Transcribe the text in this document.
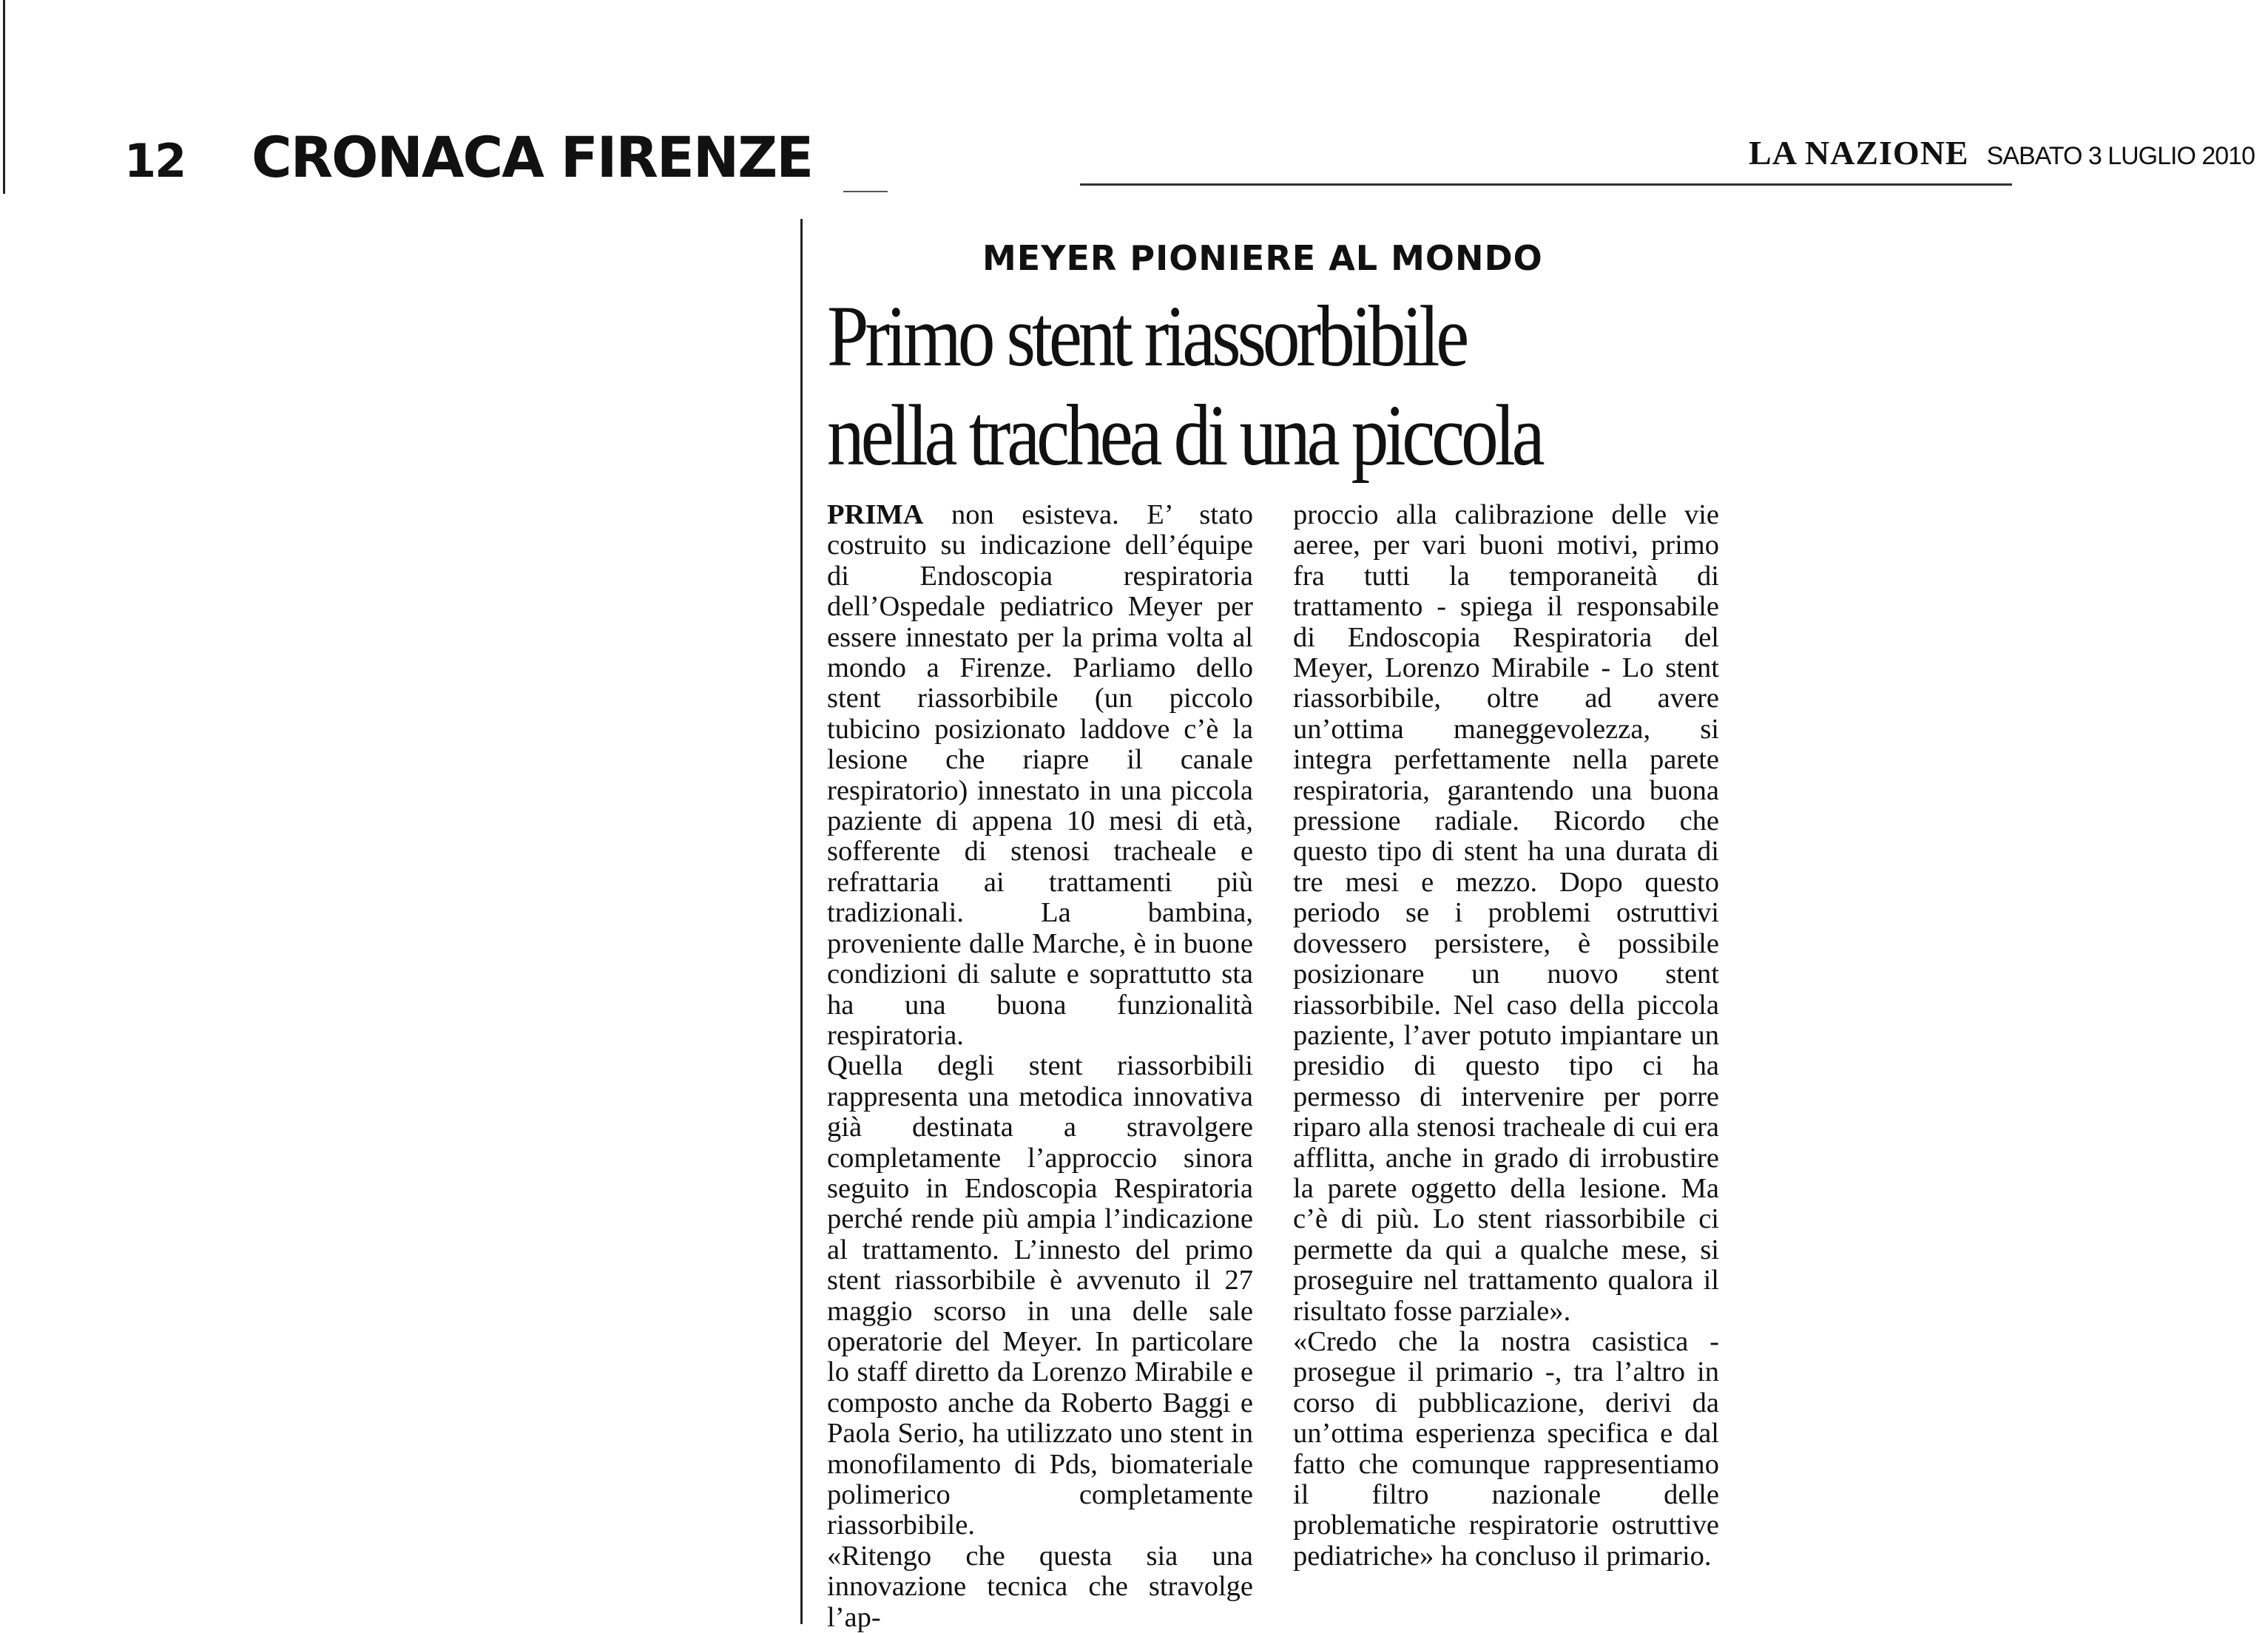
12 CRONACA FIRENZE	LA NAZIONE SABATO 3 LUGLIO 2010
MEYER PIONIERE AL MONDO
Primo stent riassorbibile
nella trachea di una piccola

PRIMA non esisteva. E’ stato costruito su indicazione dell’équipe di Endoscopia respiratoria dell’Ospedale pediatrico Meyer per essere innestato per la prima volta al mondo a Firenze. Parliamo dello stent riassorbibile (un piccolo tubicino posizionato laddove c’è la lesione che riapre il canale respiratorio) innestato in una piccola paziente di appena 10 mesi di età, sofferente di stenosi tracheale e refrattaria ai trattamenti più tradizionali. La bambina, proveniente dalle Marche, è in buone condizioni di salute e soprattutto sta ha una buona funzionalità respiratoria.

Quella degli stent riassorbibili rappresenta una metodica innovativa già destinata a stravolgere completamente l’approccio sinora seguito in Endoscopia Respiratoria perché rende più ampia l’indicazione al trattamento. L’innesto del primo stent riassorbibile è avvenuto il 27 maggio scorso in una delle sale operatorie del Meyer. In particolare lo staff diretto da Lorenzo Mirabile e composto anche da Roberto Baggi e Paola Serio, ha utilizzato uno stent in monofilamento di Pds, biomateriale polimerico completamente riassorbibile.

«Ritengo che questa sia una innovazione tecnica che stravolge l’ap-

proccio alla calibrazione delle vie aeree, per vari buoni motivi, primo fra tutti la temporaneità di trattamento - spiega il responsabile di Endoscopia Respiratoria del Meyer, Lorenzo Mirabile - Lo stent riassorbibile, oltre ad avere un’ottima maneggevolezza, si integra perfettamente nella parete respiratoria, garantendo una buona pressione radiale. Ricordo che questo tipo di stent ha una durata di tre mesi e mezzo. Dopo questo periodo se i problemi ostruttivi dovessero persistere, è possibile posizionare un nuovo stent riassorbibile. Nel caso della piccola paziente, l’aver potuto impiantare un presidio di questo tipo ci ha permesso di intervenire per porre riparo alla stenosi tracheale di cui era afflitta, anche in grado di irrobustire la parete oggetto della lesione. Ma c’è di più. Lo stent riassorbibile ci permette da qui a qualche mese, si proseguire nel trattamento qualora il risultato fosse parziale».

«Credo che la nostra casistica - prosegue il primario -, tra l’altro in corso di pubblicazione, derivi da un’ottima esperienza specifica e dal fatto che comunque rappresentiamo il filtro nazionale delle problematiche respiratorie ostruttive pediatriche» ha concluso il primario.
